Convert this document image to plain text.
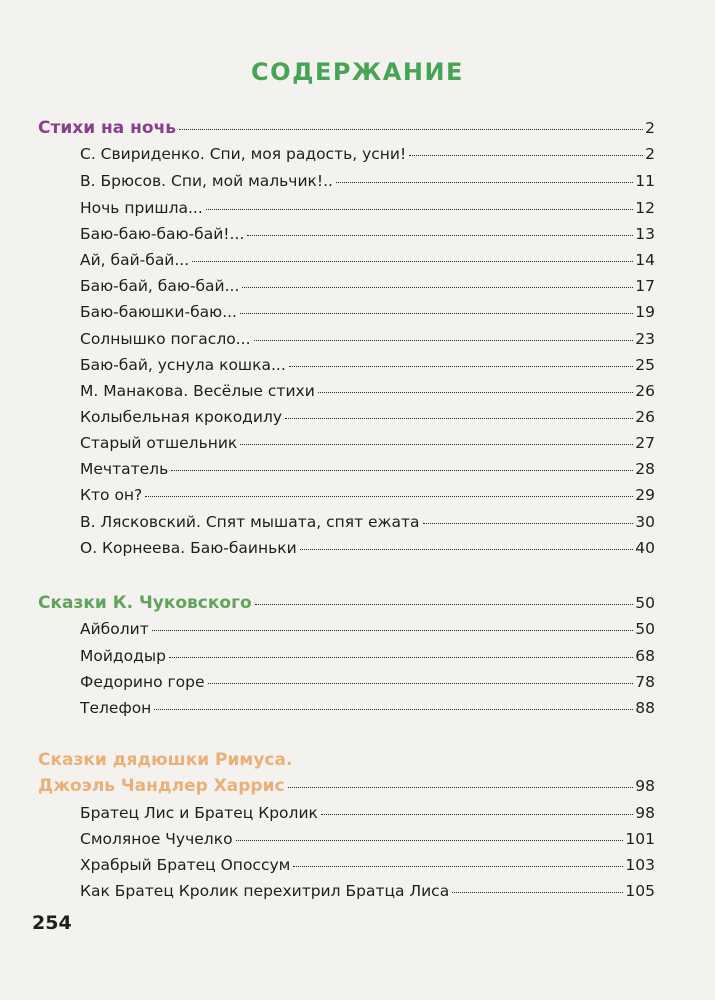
СОДЕРЖАНИЕ
Стихи на ночь	2
С. Свириденко. Спи, моя радость, усни!	2
В. Брюсов. Спи, мой мальчик!..	11
Ночь пришла...	12
Баю-баю-баю-бай!...	13
Ай, бай-бай...	14
Баю-бай, баю-бай...	17
Баю-баюшки-баю...	19
Солнышко погасло...	23
Баю-бай, уснула кошка...	25
М. Манакова. Весёлые стихи	26
Колыбельная крокодилу	26
Старый отшельник	27
Мечтатель	28
Кто он?	29
В. Лясковский. Спят мышата, спят ежата	30
О. Корнеева. Баю-баиньки	40
Сказки К. Чуковского	50
Айболит	50
Мойдодыр	68
Федорино горе	78
Телефон	88
Сказки дядюшки Римуса.
Джоэль Чандлер Харрис	98
Братец Лис и Братец Кролик	98
Смоляное Чучелко	101
Храбрый Братец Опоссум	103
Как Братец Кролик перехитрил Братца Лиса	105
254
